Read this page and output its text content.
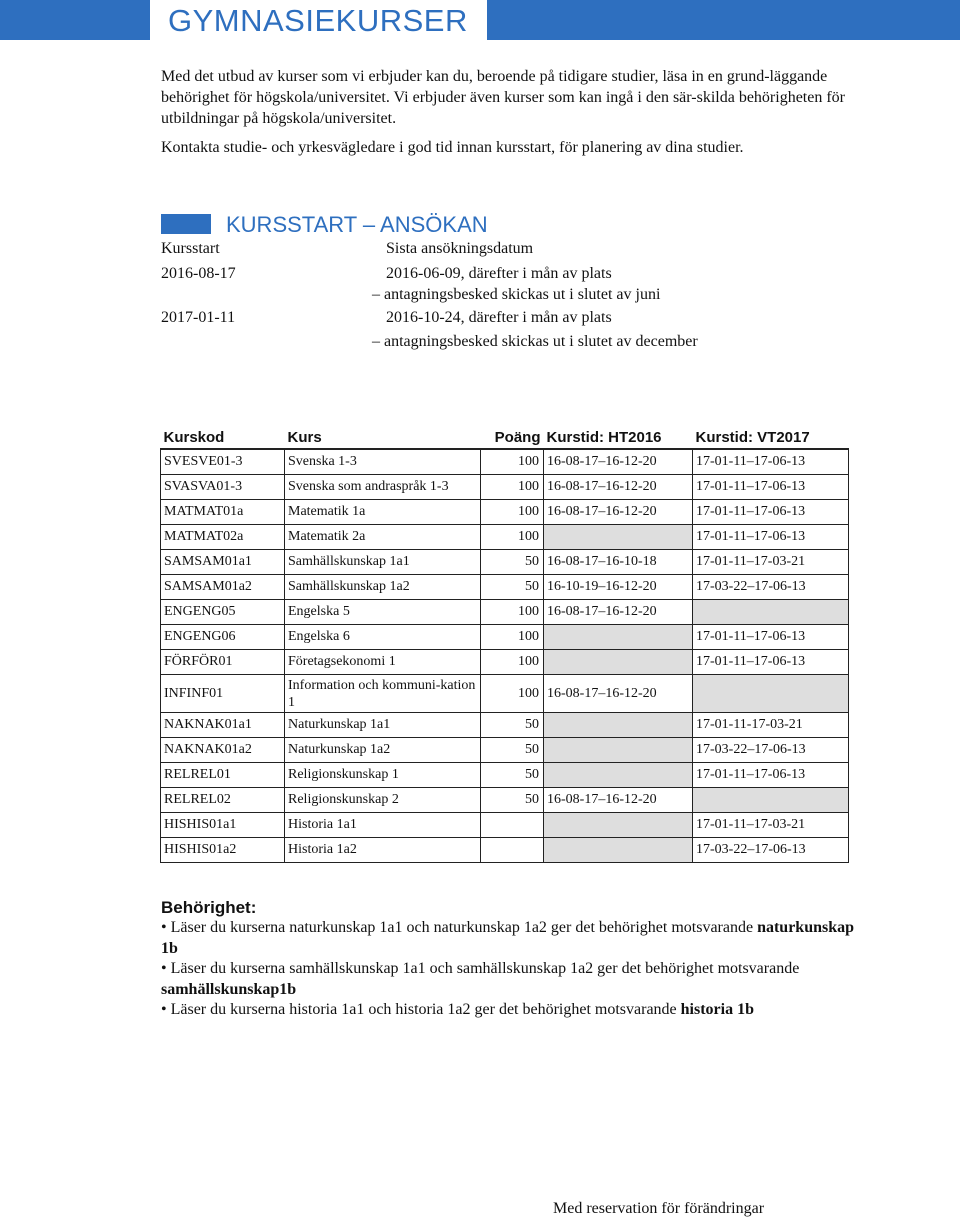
GYMNASIEKURSER

Med det utbud av kurser som vi erbjuder kan du, beroende på tidigare studier, läsa in en grund-läggande behörighet för högskola/universitet. Vi erbjuder även kurser som kan ingå i den sär-skilda behörigheten för utbildningar på högskola/universitet.

Kontakta studie- och yrkesvägledare i god tid innan kursstart, för planering av dina studier.

KURSSTART – ANSÖKAN
Kursstart	Sista ansökningsdatum
2016-08-17	2016-06-09, därefter i mån av plats
– antagningsbesked skickas ut i slutet av juni
2017-01-11	2016-10-24, därefter i mån av plats
– antagningsbesked skickas ut i slutet av december
Kurskod	Kurs	Poäng	Kurstid: HT2016	Kurstid: VT2017
SVESVE01-3	Svenska 1-3	100	16-08-17–16-12-20	17-01-11–17-06-13
SVASVA01-3	Svenska som andraspråk 1-3	100	16-08-17–16-12-20	17-01-11–17-06-13
MATMAT01a	Matematik 1a	100	16-08-17–16-12-20	17-01-11–17-06-13
MATMAT02a	Matematik 2a	100		17-01-11–17-06-13
SAMSAM01a1	Samhällskunskap 1a1	50	16-08-17–16-10-18	17-01-11–17-03-21
SAMSAM01a2	Samhällskunskap 1a2	50	16-10-19–16-12-20	17-03-22–17-06-13
ENGENG05	Engelska 5	100	16-08-17–16-12-20	
ENGENG06	Engelska 6	100		17-01-11–17-06-13
FÖRFÖR01	Företagsekonomi 1	100		17-01-11–17-06-13
INFINF01	Information och kommuni-kation 1	100	16-08-17–16-12-20	
NAKNAK01a1	Naturkunskap 1a1	50		17-01-11-17-03-21
NAKNAK01a2	Naturkunskap 1a2	50		17-03-22–17-06-13
RELREL01	Religionskunskap 1	50		17-01-11–17-06-13
RELREL02	Religionskunskap 2	50	16-08-17–16-12-20	
HISHIS01a1	Historia 1a1			17-01-11–17-03-21
HISHIS01a2	Historia 1a2			17-03-22–17-06-13
Behörighet:

• Läser du kurserna naturkunskap 1a1 och naturkunskap 1a2 ger det behörighet motsvarande naturkunskap 1b

• Läser du kurserna samhällskunskap 1a1 och samhällskunskap 1a2 ger det behörighet motsvarande samhällskunskap1b

• Läser du kurserna historia 1a1 och historia 1a2 ger det behörighet motsvarande historia 1b

Med reservation för förändringar
